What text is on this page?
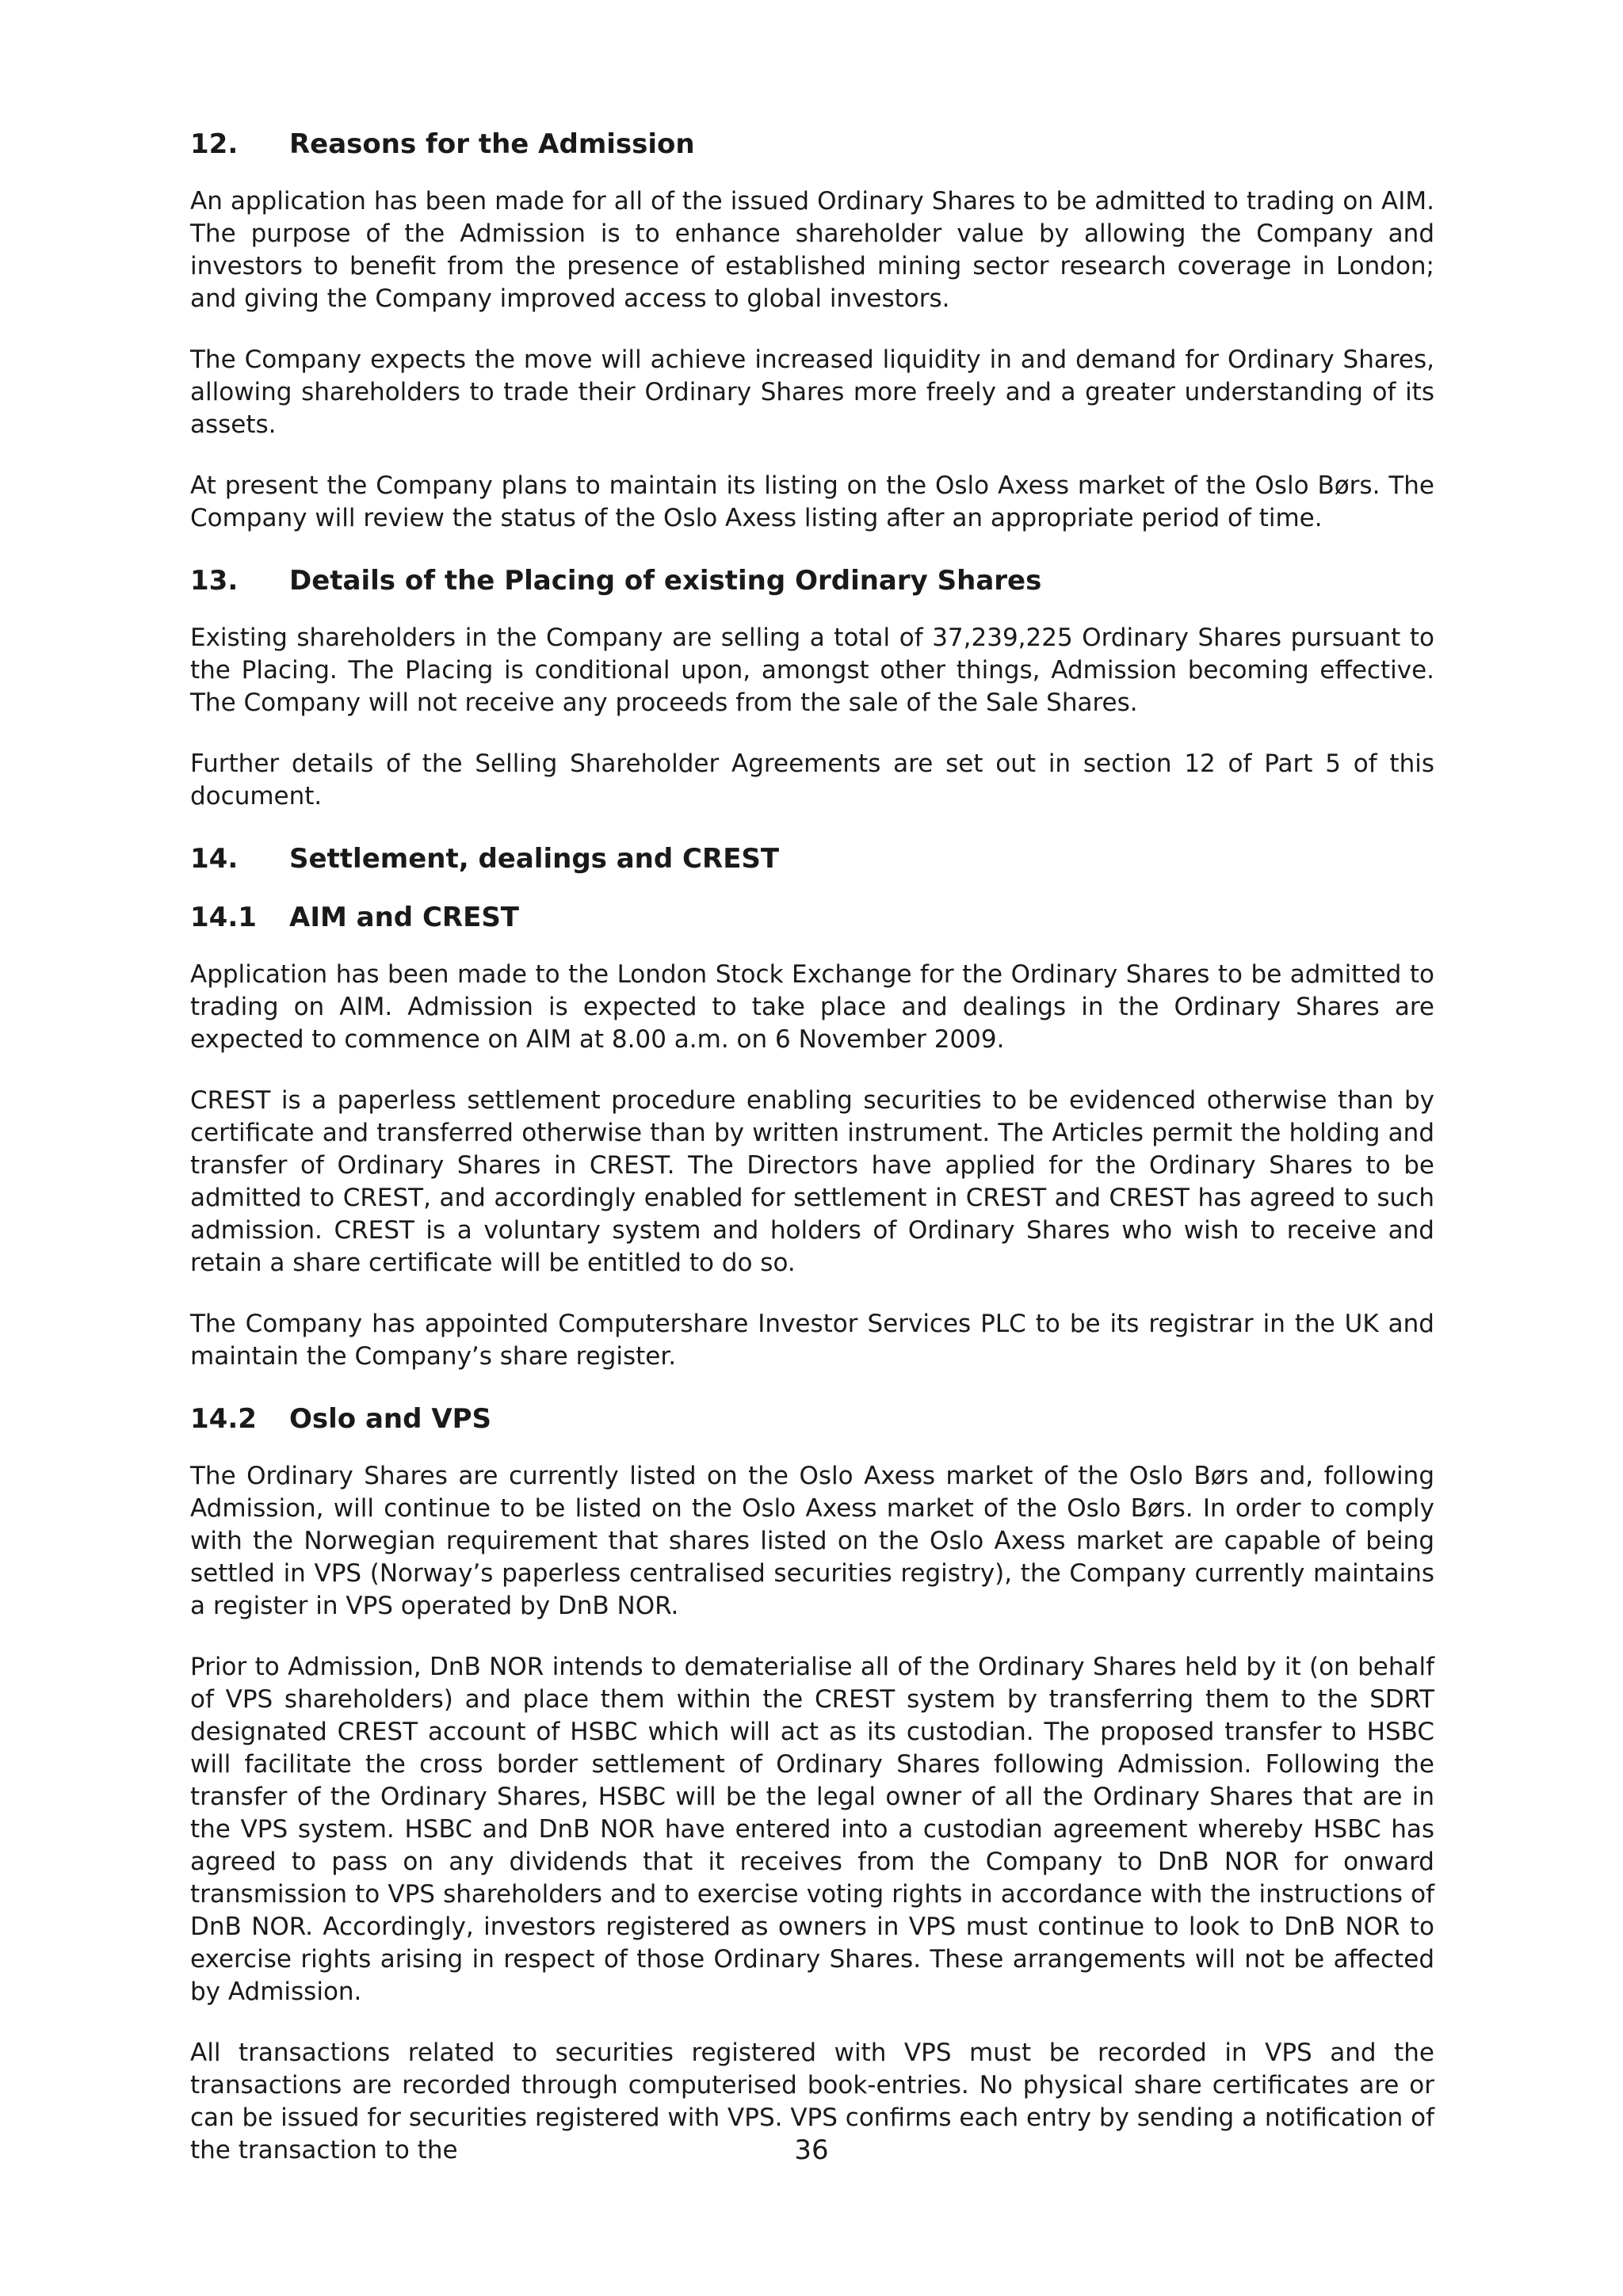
12.	Reasons for the Admission

An application has been made for all of the issued Ordinary Shares to be admitted to trading on AIM. The purpose of the Admission is to enhance shareholder value by allowing the Company and investors to benefit from the presence of established mining sector research coverage in London; and giving the Company improved access to global investors.

The Company expects the move will achieve increased liquidity in and demand for Ordinary Shares, allowing shareholders to trade their Ordinary Shares more freely and a greater understanding of its assets.

At present the Company plans to maintain its listing on the Oslo Axess market of the Oslo Børs. The Company will review the status of the Oslo Axess listing after an appropriate period of time.

13.	Details of the Placing of existing Ordinary Shares

Existing shareholders in the Company are selling a total of 37,239,225 Ordinary Shares pursuant to the Placing. The Placing is conditional upon, amongst other things, Admission becoming effective. The Company will not receive any proceeds from the sale of the Sale Shares.

Further details of the Selling Shareholder Agreements are set out in section 12 of Part 5 of this document.

14.	Settlement, dealings and CREST
14.1	AIM and CREST

Application has been made to the London Stock Exchange for the Ordinary Shares to be admitted to trading on AIM. Admission is expected to take place and dealings in the Ordinary Shares are expected to commence on AIM at 8.00 a.m. on 6 November 2009.

CREST is a paperless settlement procedure enabling securities to be evidenced otherwise than by certificate and transferred otherwise than by written instrument. The Articles permit the holding and transfer of Ordinary Shares in CREST. The Directors have applied for the Ordinary Shares to be admitted to CREST, and accordingly enabled for settlement in CREST and CREST has agreed to such admission. CREST is a voluntary system and holders of Ordinary Shares who wish to receive and retain a share certificate will be entitled to do so.

The Company has appointed Computershare Investor Services PLC to be its registrar in the UK and maintain the Company’s share register.

14.2	Oslo and VPS

The Ordinary Shares are currently listed on the Oslo Axess market of the Oslo Børs and, following Admission, will continue to be listed on the Oslo Axess market of the Oslo Børs. In order to comply with the Norwegian requirement that shares listed on the Oslo Axess market are capable of being settled in VPS (Norway’s paperless centralised securities registry), the Company currently maintains a register in VPS operated by DnB NOR.

Prior to Admission, DnB NOR intends to dematerialise all of the Ordinary Shares held by it (on behalf of VPS shareholders) and place them within the CREST system by transferring them to the SDRT designated CREST account of HSBC which will act as its custodian. The proposed transfer to HSBC will facilitate the cross border settlement of Ordinary Shares following Admission. Following the transfer of the Ordinary Shares, HSBC will be the legal owner of all the Ordinary Shares that are in the VPS system. HSBC and DnB NOR have entered into a custodian agreement whereby HSBC has agreed to pass on any dividends that it receives from the Company to DnB NOR for onward transmission to VPS shareholders and to exercise voting rights in accordance with the instructions of DnB NOR. Accordingly, investors registered as owners in VPS must continue to look to DnB NOR to exercise rights arising in respect of those Ordinary Shares. These arrangements will not be affected by Admission.

All transactions related to securities registered with VPS must be recorded in VPS and the transactions are recorded through computerised book-entries. No physical share certificates are or can be issued for securities registered with VPS. VPS confirms each entry by sending a notification of the transaction to the	36
